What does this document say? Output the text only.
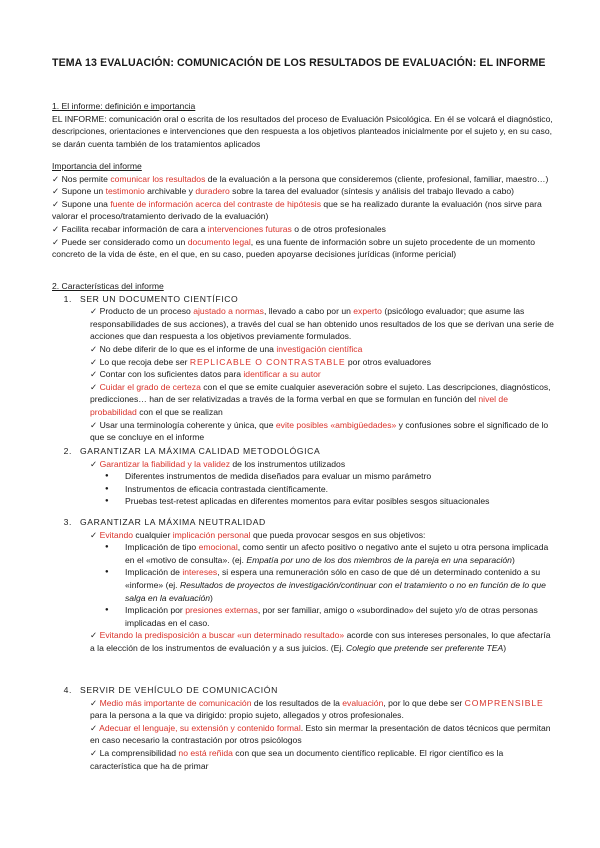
TEMA 13 EVALUACIÓN: COMUNICACIÓN DE LOS RESULTADOS DE EVALUACIÓN: EL INFORME

1. El informe: definición e importancia

EL INFORME: comunicación oral o escrita de los resultados del proceso de Evaluación Psicológica. En él se volcará el diagnóstico, descripciones, orientaciones e intervenciones que den respuesta a los objetivos planteados inicialmente por el sujeto y, en su caso, se darán cuenta también de los tratamientos aplicados

Importancia del informe

✓ Nos permite comunicar los resultados de la evaluación a la persona que consideremos (cliente, profesional, familiar, maestro…)

✓ Supone un testimonio archivable y duradero sobre la tarea del evaluador (síntesis y análisis del trabajo llevado a cabo)

✓ Supone una fuente de información acerca del contraste de hipótesis que se ha realizado durante la evaluación (nos sirve para valorar el proceso/tratamiento derivado de la evaluación)

✓ Facilita recabar información de cara a intervenciones futuras o de otros profesionales

✓ Puede ser considerado como un documento legal, es una fuente de información sobre un sujeto procedente de un momento concreto de la vida de éste, en el que, en su caso, pueden apoyarse decisiones jurídicas (informe pericial)

2. Características del informe

1. SER UN DOCUMENTO CIENTÍFICO

✓ Producto de un proceso ajustado a normas, llevado a cabo por un experto (psicólogo evaluador; que asume las responsabilidades de sus acciones), a través del cual se han obtenido unos resultados de los que se derivan una serie de acciones que dan respuesta a los objetivos previamente formulados.

✓ No debe diferir de lo que es el informe de una investigación científica

✓ Lo que recoja debe ser REPLICABLE O CONTRASTABLE por otros evaluadores

✓ Contar con los suficientes datos para identificar a su autor

✓ Cuidar el grado de certeza con el que se emite cualquier aseveración sobre el sujeto. Las descripciones, diagnósticos, predicciones… han de ser relativizadas a través de la forma verbal en que se formulan en función del nivel de probabilidad con el que se realizan

✓ Usar una terminología coherente y única, que evite posibles «ambigüedades» y confusiones sobre el significado de lo que se concluye en el informe

2. GARANTIZAR LA MÁXIMA CALIDAD METODOLÓGICA

✓ Garantizar la fiabilidad y la validez de los instrumentos utilizados

● Diferentes instrumentos de medida diseñados para evaluar un mismo parámetro

● Instrumentos de eficacia contrastada científicamente.

● Pruebas test-retest aplicadas en diferentes momentos para evitar posibles sesgos situacionales

3. GARANTIZAR LA MÁXIMA NEUTRALIDAD

✓ Evitando cualquier implicación personal que pueda provocar sesgos en sus objetivos:

● Implicación de tipo emocional, como sentir un afecto positivo o negativo ante el sujeto u otra persona implicada en el «motivo de consulta». (ej. Empatía por uno de los dos miembros de la pareja en una separación)

● Implicación de intereses, si espera una remuneración sólo en caso de que dé un determinado contenido a su «informe» (ej. Resultados de proyectos de investigación/continuar con el tratamiento o no en función de lo que salga en la evaluación)

● Implicación por presiones externas, por ser familiar, amigo o «subordinado» del sujeto y/o de otras personas implicadas en el caso.

✓ Evitando la predisposición a buscar «un determinado resultado» acorde con sus intereses personales, lo que afectaría a la elección de los instrumentos de evaluación y a sus juicios. (Ej. Colegio que pretende ser preferente TEA)

4. SERVIR DE VEHÍCULO DE COMUNICACIÓN

✓ Medio más importante de comunicación de los resultados de la evaluación, por lo que debe ser COMPRENSIBLE para la persona a la que va dirigido: propio sujeto, allegados y otros profesionales.

✓ Adecuar el lenguaje, su extensión y contenido formal. Esto sin mermar la presentación de datos técnicos que permitan en caso necesario la contrastación por otros psicólogos

✓ La comprensibilidad no está reñida con que sea un documento científico replicable. El rigor científico es la característica que ha de primar
